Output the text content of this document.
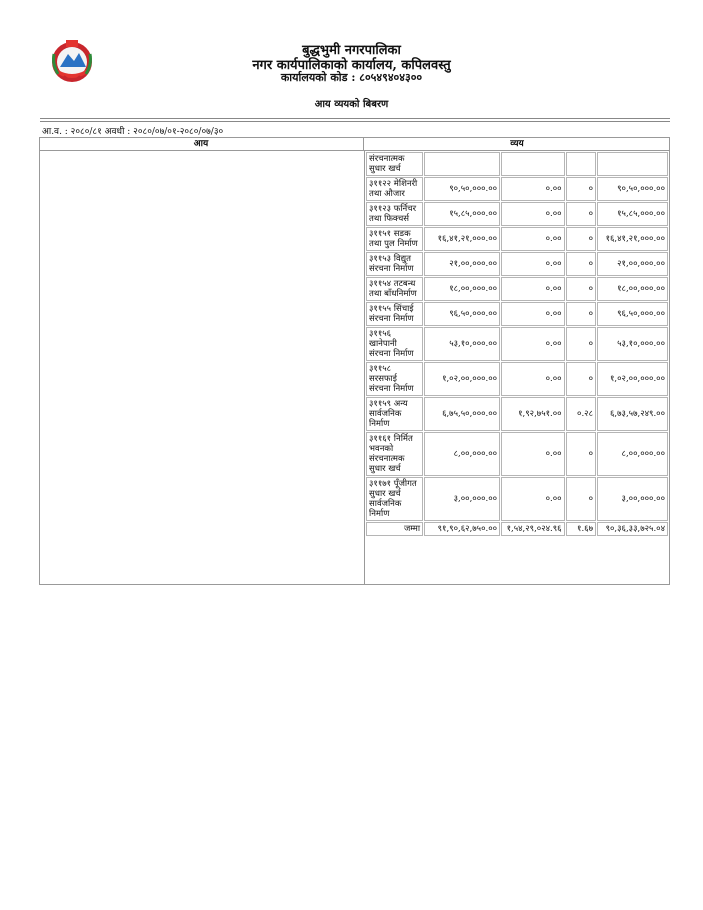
बुद्धभुमी नगरपालिका
नगर कार्यपालिकाको कार्यालय, कपिलवस्तु
कार्यालयको कोड : ८०५४९४०४३००
आय व्ययको बिबरण
आ.व. : २०८०/८१ अवधी : २०८०/०७/०१-२०८०/०७/३०
आय	व्यय
संरचनात्मक सुधार खर्च				
३११२२ मेशिनरी तथा औजार	९०,५०,०००.००	०.००	०	९०,५०,०००.००
३११२३ फर्निचर तथा फिक्चर्स	१५,८५,०००.००	०.००	०	१५,८५,०००.००
३११५१ सडक तथा पुल निर्माण	१६,४१,२१,०००.००	०.००	०	१६,४१,२१,०००.००
३११५३ विद्युत संरचना निर्माण	२१,००,०००.००	०.००	०	२१,००,०००.००
३११५४ तटबन्ध तथा बाँधनिर्माण	१८,००,०००.००	०.००	०	१८,००,०००.००
३११५५ सिंचाई संरचना निर्माण	९६,५०,०००.००	०.००	०	९६,५०,०००.००
३११५६ खानेपानी संरचना निर्माण	५३,१०,०००.००	०.००	०	५३,१०,०००.००
३११५८ सरसफाई संरचना निर्माण	१,०२,००,०००.००	०.००	०	१,०२,००,०००.००
३११५९ अन्य सार्वजनिक निर्माण	६,७५,५०,०००.००	१,९२,७५१.००	०.२८	६,७३,५७,२४९.००
३११६१ निर्मित भवनको संरचनात्मक सुधार खर्च	८,००,०००.००	०.००	०	८,००,०००.००
३११७१ पूँजीगत सुधार खर्च सार्वजनिक निर्माण	३,००,०००.००	०.००	०	३,००,०००.००
जम्मा	९१,९०,६२,७५०.००	१,५४,२९,०२४.९६	१.६७	९०,३६,३३,७२५.०४
